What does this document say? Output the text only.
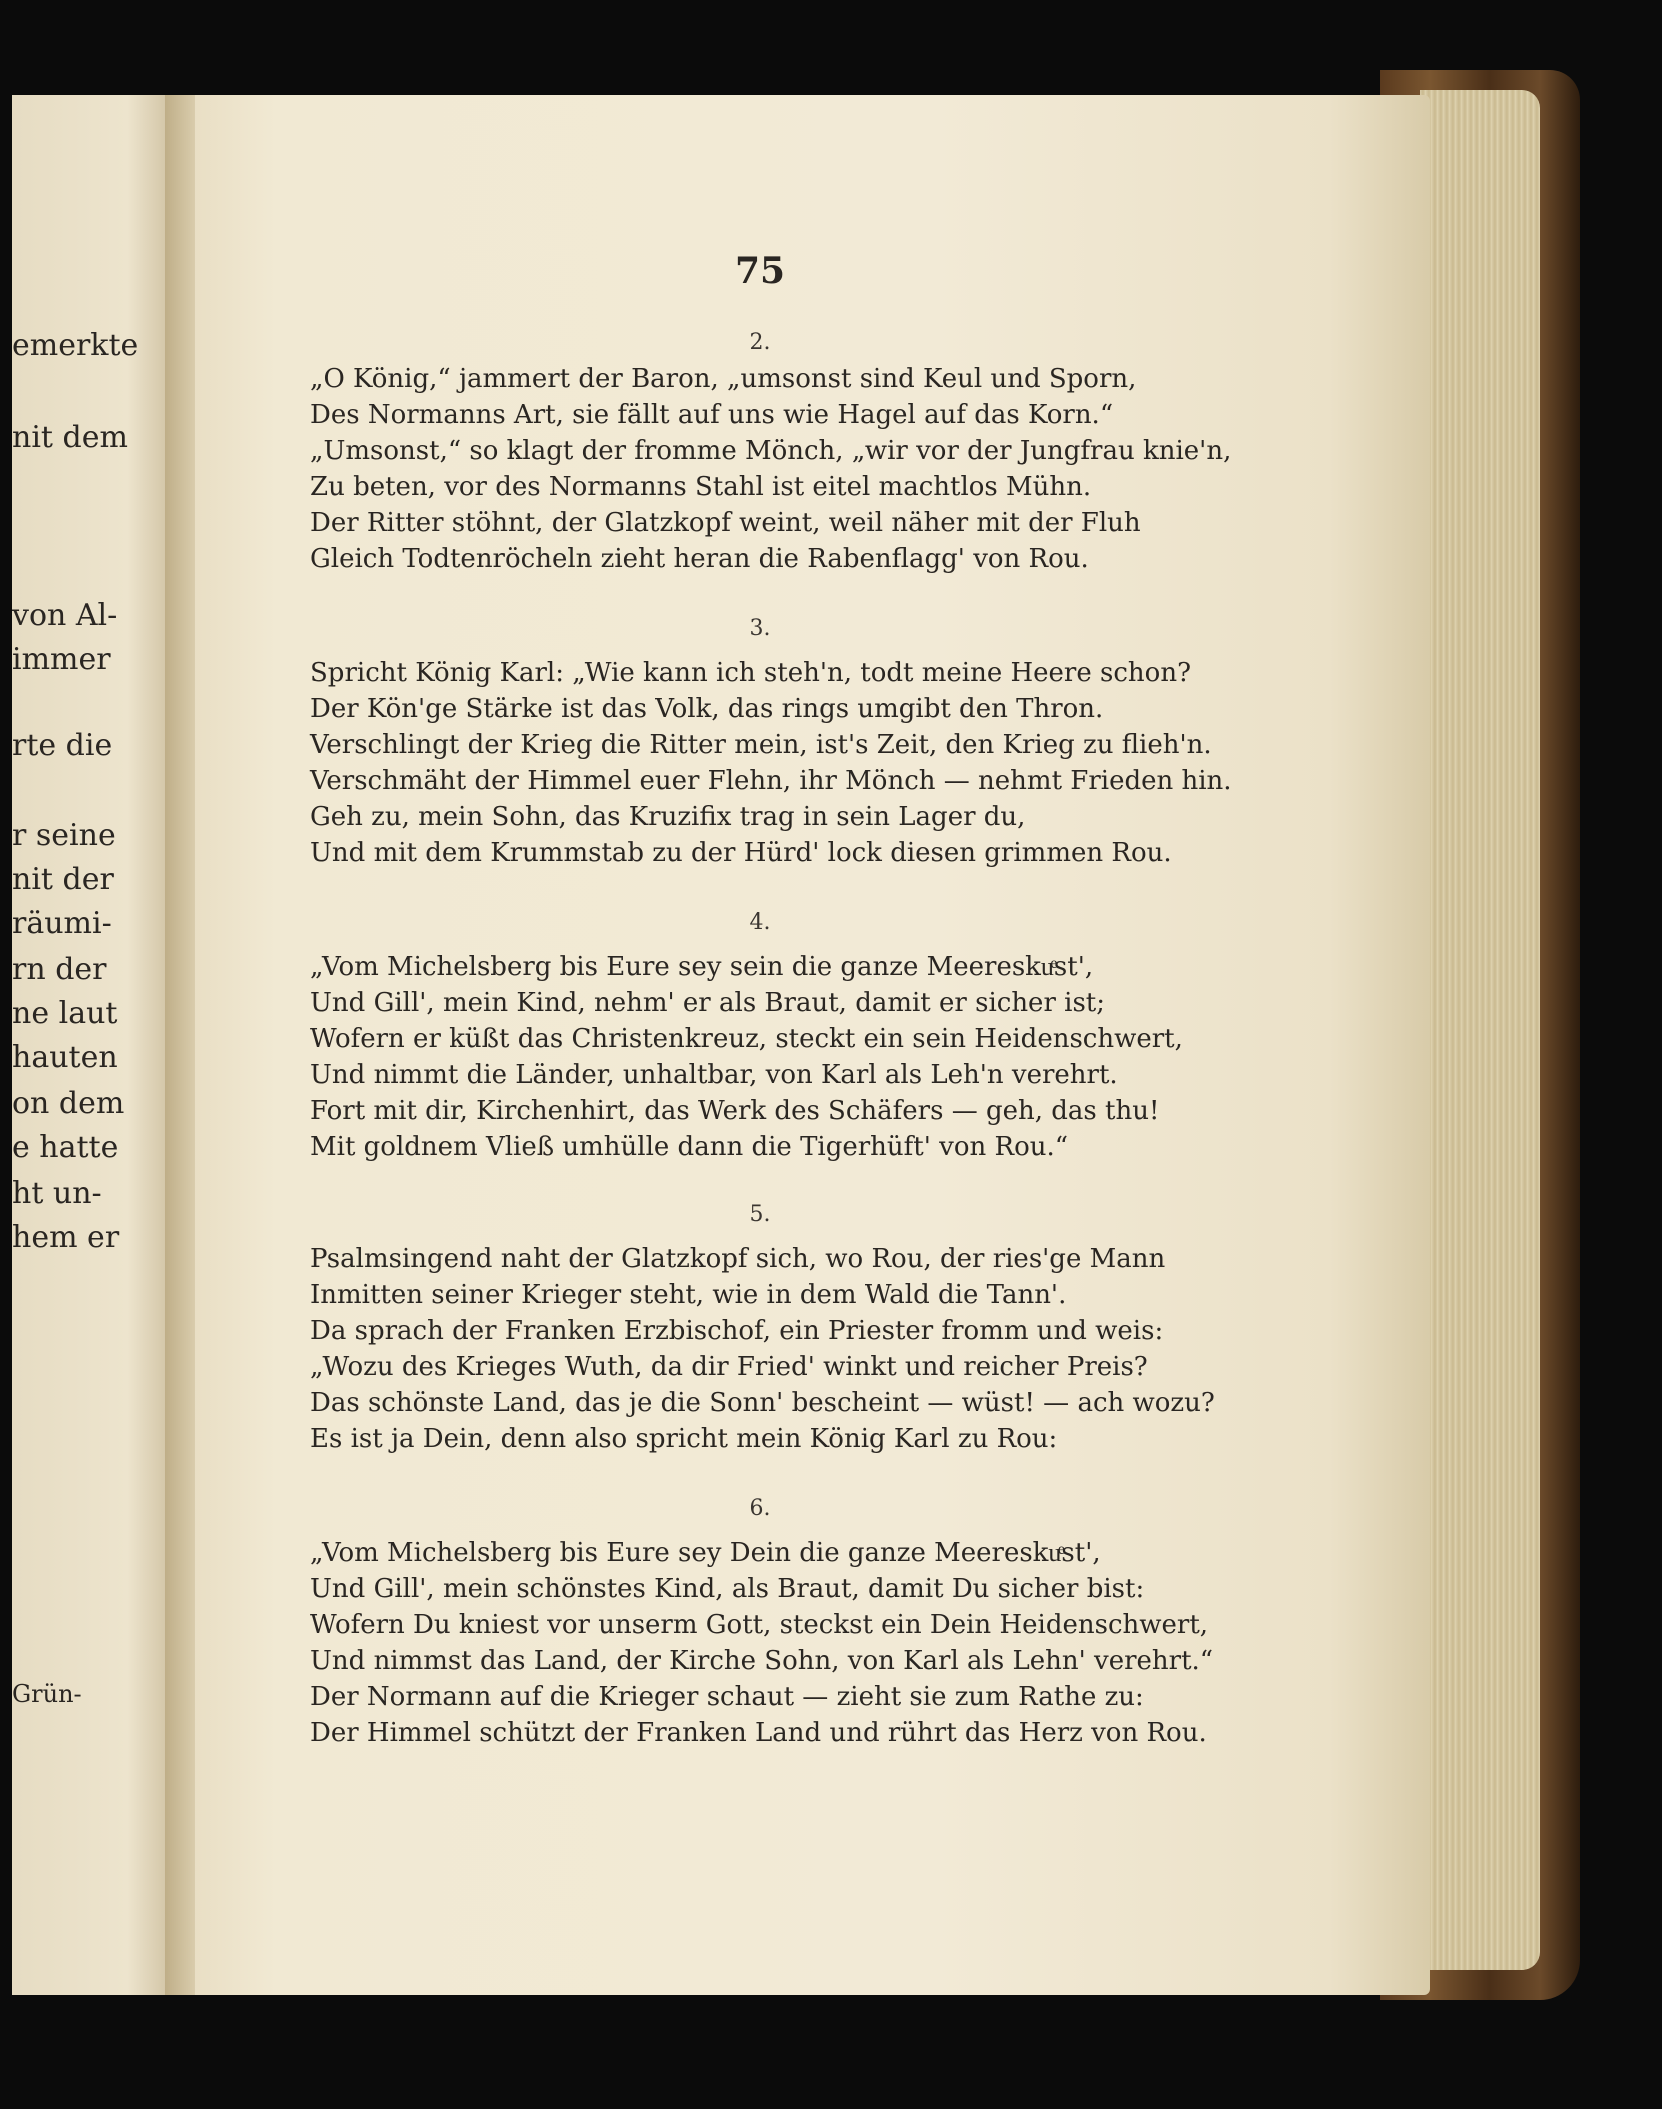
emerkte
nit dem
von Al-
immer
rte die
r seine
nit der
räumi-
rn der
ne laut
hauten
on dem
e hatte
ht un-
hem er
Grün-
75
2.
„O König,“ jammert der Baron, „umsonst sind Keul und Sporn,
Des Normanns Art, sie fällt auf uns wie Hagel auf das Korn.“
„Umsonst,“ so klagt der fromme Mönch, „wir vor der Jungfrau knie'n,
Zu beten, vor des Normanns Stahl ist eitel machtlos Mühn.
Der Ritter stöhnt, der Glatzkopf weint, weil näher mit der Fluh
Gleich Todtenröcheln zieht heran die Rabenflagg' von Rou.
3.
Spricht König Karl: „Wie kann ich steh'n, todt meine Heere schon?
Der Kön'ge Stärke ist das Volk, das rings umgibt den Thron.
Verschlingt der Krieg die Ritter mein, ist's Zeit, den Krieg zu flieh'n.
Verschmäht der Himmel euer Flehn, ihr Mönch — nehmt Frieden hin.
Geh zu, mein Sohn, das Kruzifix trag in sein Lager du,
Und mit dem Krummstab zu der Hürd' lock diesen grimmen Rou.
4.
„Vom Michelsberg bis Eure sey sein die ganze Meereskuͤst',
Und Gill', mein Kind, nehm' er als Braut, damit er sicher ist;
Wofern er küßt das Christenkreuz, steckt ein sein Heidenschwert,
Und nimmt die Länder, unhaltbar, von Karl als Leh'n verehrt.
Fort mit dir, Kirchenhirt, das Werk des Schäfers — geh, das thu!
Mit goldnem Vließ umhülle dann die Tigerhüft' von Rou.“
5.
Psalmsingend naht der Glatzkopf sich, wo Rou, der ries'ge Mann
Inmitten seiner Krieger steht, wie in dem Wald die Tann'.
Da sprach der Franken Erzbischof, ein Priester fromm und weis:
„Wozu des Krieges Wuth, da dir Fried' winkt und reicher Preis?
Das schönste Land, das je die Sonn' bescheint — wüst! — ach wozu?
Es ist ja Dein, denn also spricht mein König Karl zu Rou:
6.
„Vom Michelsberg bis Eure sey Dein die ganze Meereskuͤst',
Und Gill', mein schönstes Kind, als Braut, damit Du sicher bist:
Wofern Du kniest vor unserm Gott, steckst ein Dein Heidenschwert,
Und nimmst das Land, der Kirche Sohn, von Karl als Lehn' verehrt.“
Der Normann auf die Krieger schaut — zieht sie zum Rathe zu:
Der Himmel schützt der Franken Land und rührt das Herz von Rou.
